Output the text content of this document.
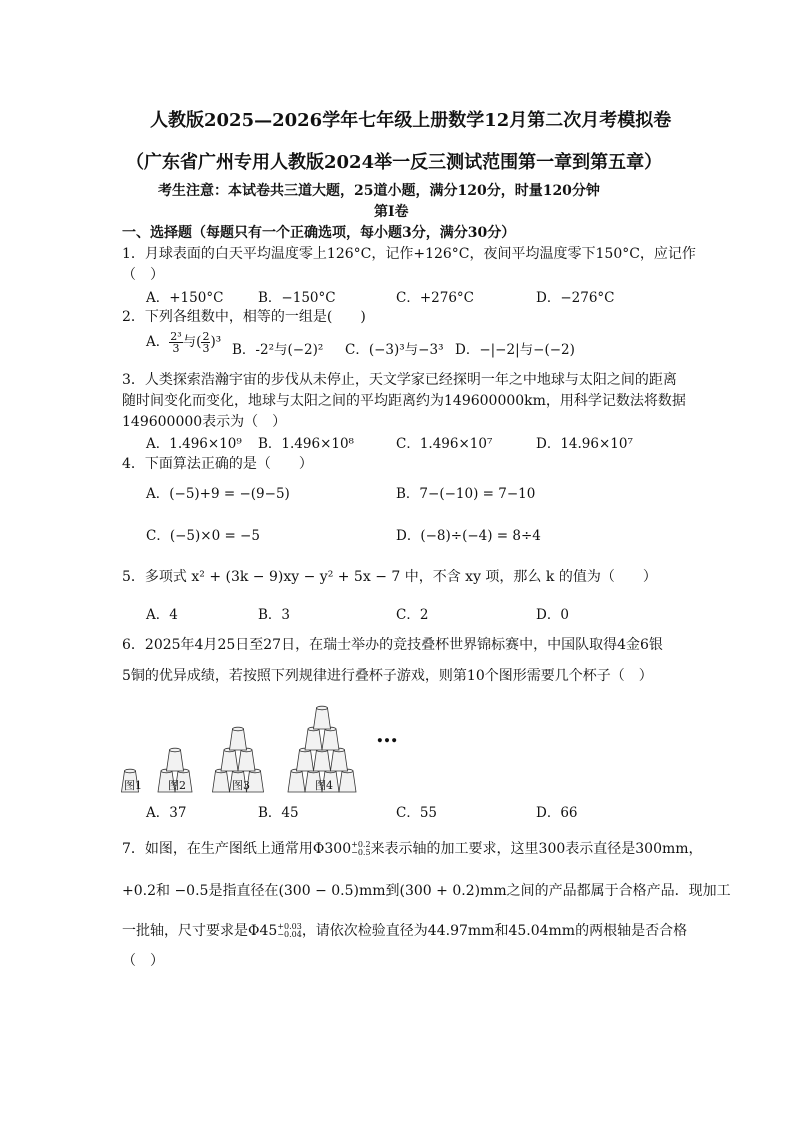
人教版2025—2026学年七年级上册数学12月第二次月考模拟卷
（广东省广州专用人教版2024举一反三测试范围第一章到第五章）
考生注意：本试卷共三道大题，25道小题，满分120分，时量120分钟
第I卷
一、选择题（每题只有一个正确选项，每小题3分，满分30分）
1．月球表面的白天平均温度零上126°C，记作+126°C，夜间平均温度零下150°C，应记作
（　）
A．+150°C	B．−150°C	C．+276°C	D．−276°C
2．下列各组数中，相等的一组是(　　)
A． $\frac{\text{2³}}{3}$ 与( $\frac{2}{3} )^3$ B．-2²与(−2)² C．(−3)³与−3³ D．−|−2|与−(−2)
3．人类探索浩瀚宇宙的步伐从未停止，天文学家已经探明一年之中地球与太阳之间的距离
随时间变化而变化，地球与太阳之间的平均距离约为149600000km，用科学记数法将数据
149600000表示为（　）
A．1.496×10⁹ B．1.496×10⁸	C．1.496×10⁷	D．14.96×10⁷
4．下面算法正确的是（　　）
A．(−5)+9 = −(9−5)	B．7−(−10) = 7−10
C．(−5)×0 = −5	D．(−8)÷(−4) = 8÷4
5．多项式 x² + (3k − 9)xy − y² + 5x − 7 中，不含 xy 项，那么 k 的值为（　　）
A．4	B．3	C．2	D．0
6．2025年4月25日至27日，在瑞士举办的竞技叠杯世界锦标赛中，中国队取得4金6银
5铜的优异成绩，若按照下列规律进行叠杯子游戏，则第10个图形需要几个杯子（　）
图1 图2	图3	图4
…
A．37	B．45	C．55	D．66
7．如图，在生产图纸上通常用Φ300 +0.2
−0.5 来表示轴的加工要求，这里300表示直径是300mm，
+0.2和 −0.5是指直径在(300 − 0.5)mm到(300 + 0.2)mm之间的产品都属于合格产品．现加工
一批轴，尺寸要求是Φ45 +0.03
−0.04 ，请依次检验直径为44.97mm和45.04mm的两根轴是否合格
（　）
